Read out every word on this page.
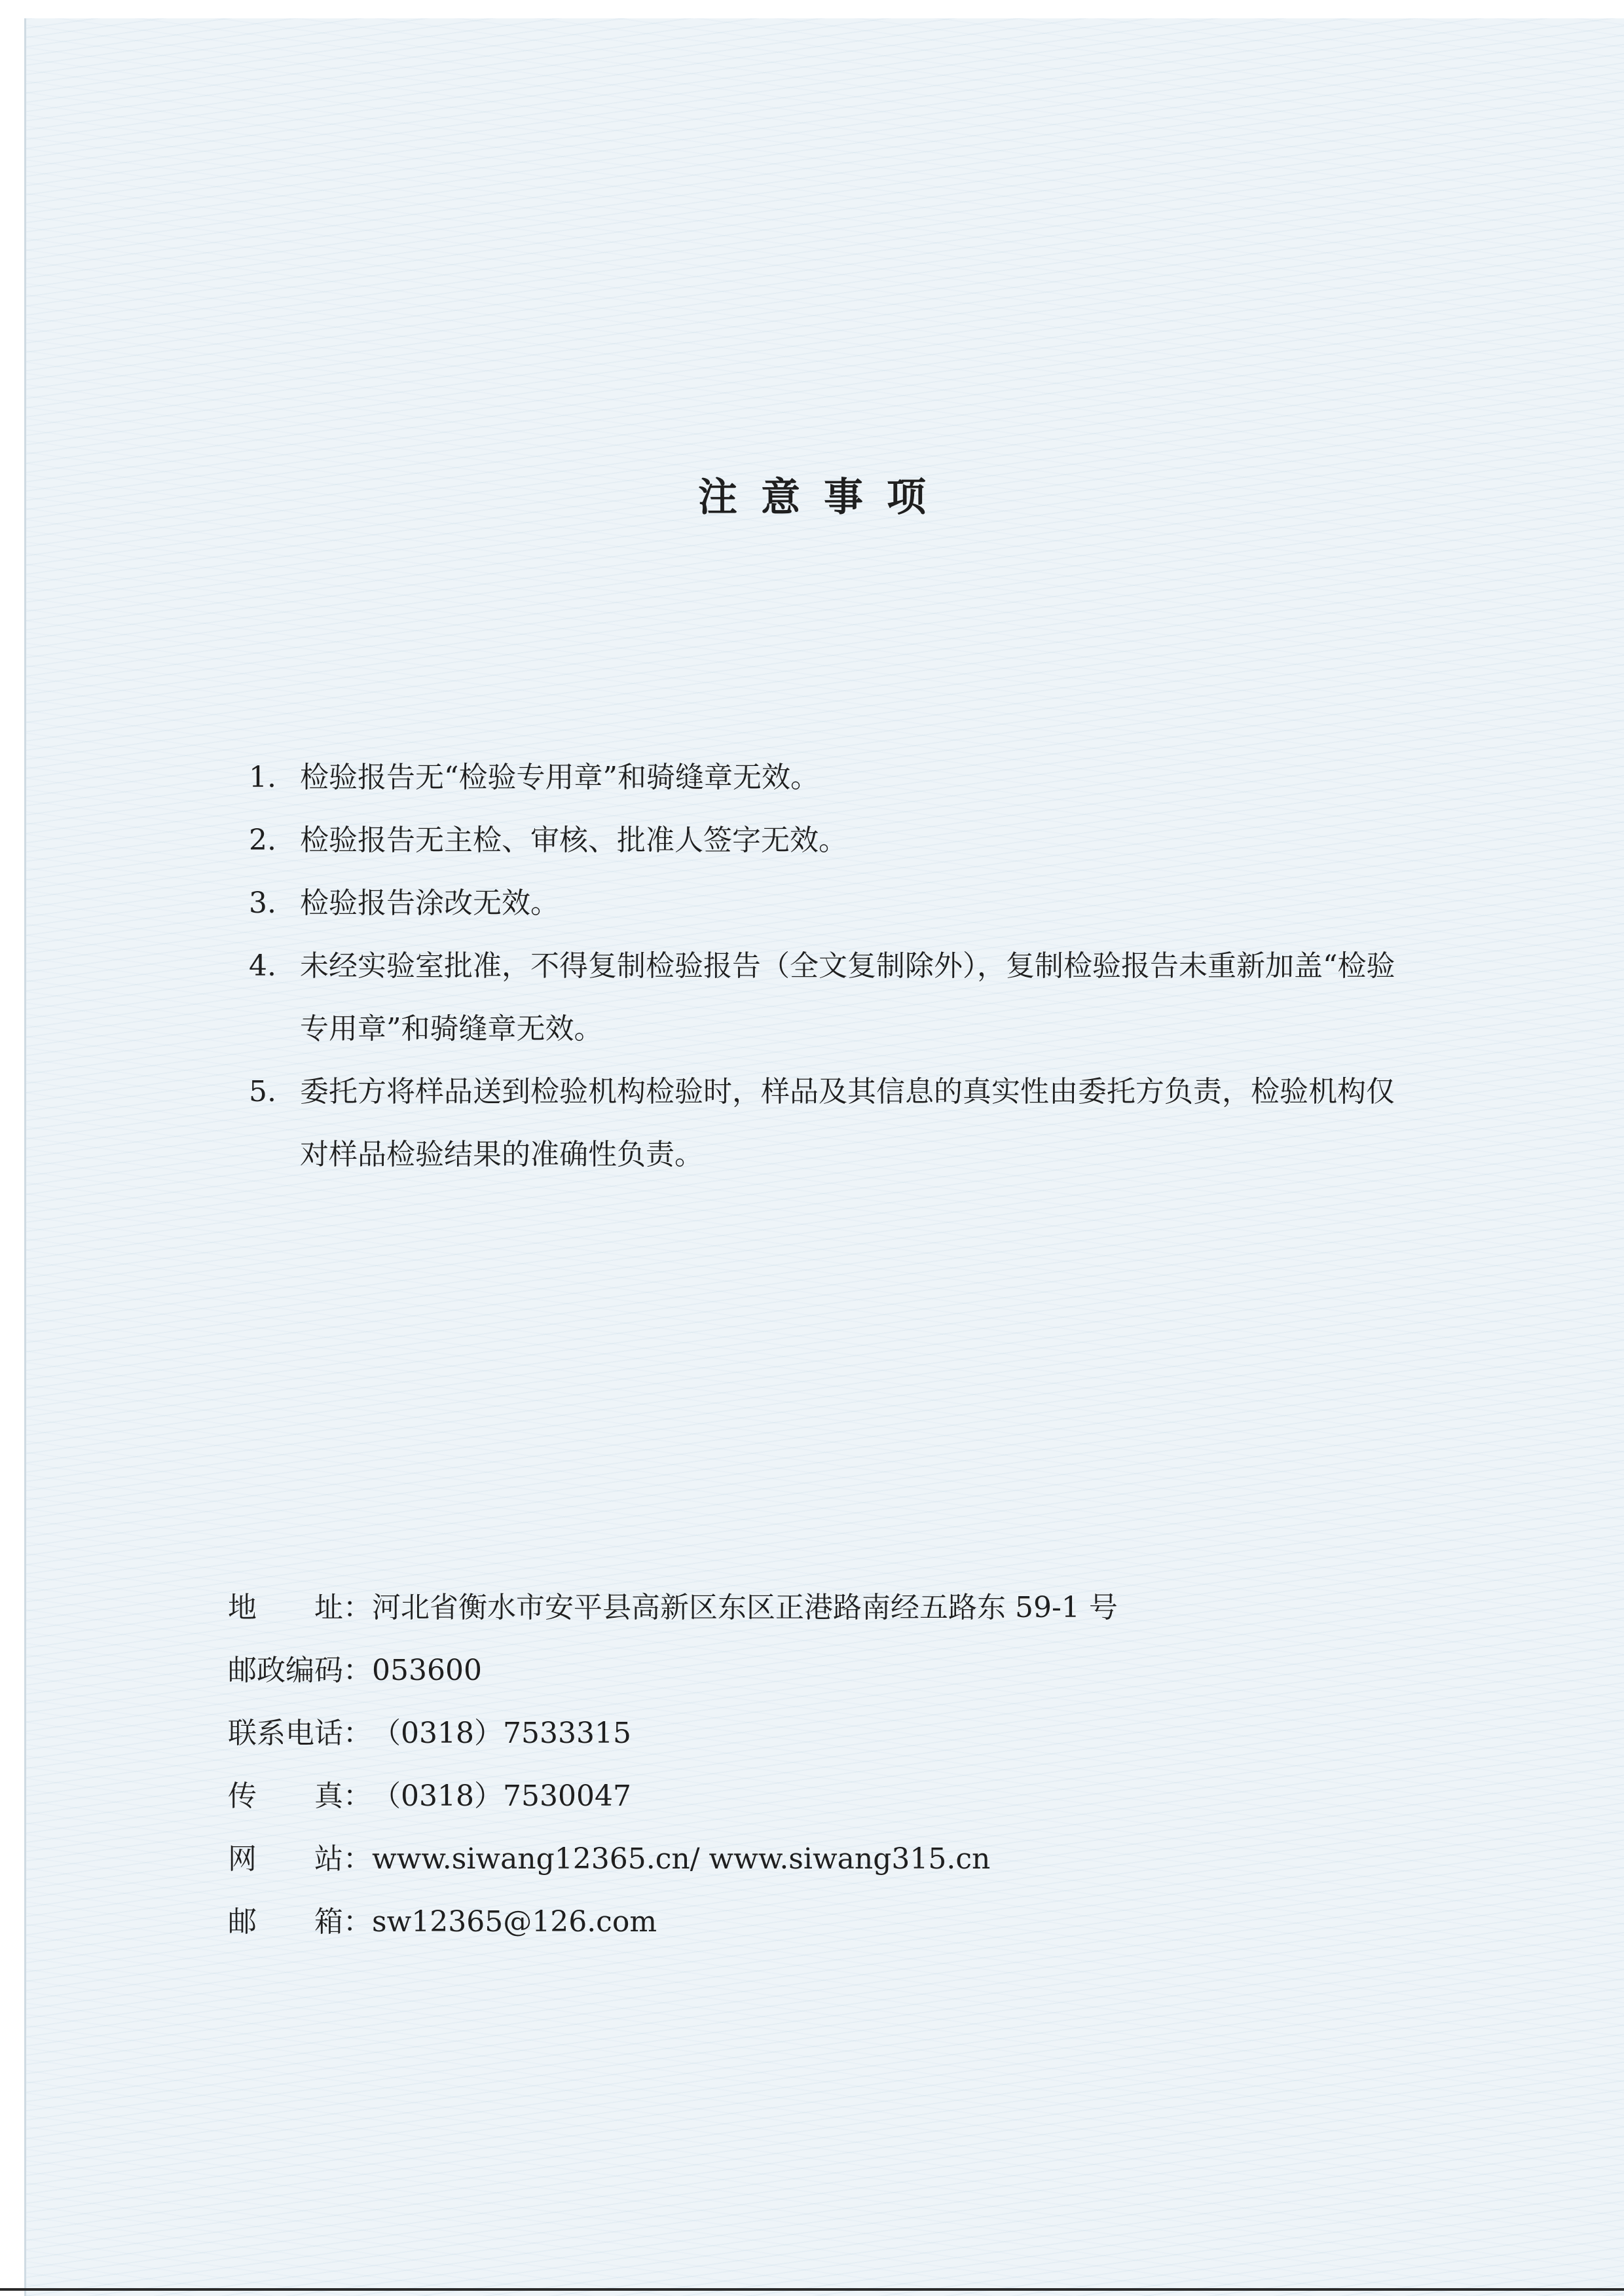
注意事项
1. 检验报告无“检验专用章”和骑缝章无效。
2. 检验报告无主检、审核、批准人签字无效。
3. 检验报告涂改无效。
4. 未经实验室批准，不得复制检验报告（全文复制除外），复制检验报告未重新加盖“检验专用章”和骑缝章无效。
5. 委托方将样品送到检验机构检验时，样品及其信息的真实性由委托方负责，检验机构仅对样品检验结果的准确性负责。
地　　址： 河北省衡水市安平县高新区东区正港路南经五路东 59-1 号
邮政编码： 053600
联系电话： （0318）7533315
传　　真： （0318）7530047
网　　站： www.siwang12365.cn/ www.siwang315.cn
邮　　箱： sw12365@126.com
